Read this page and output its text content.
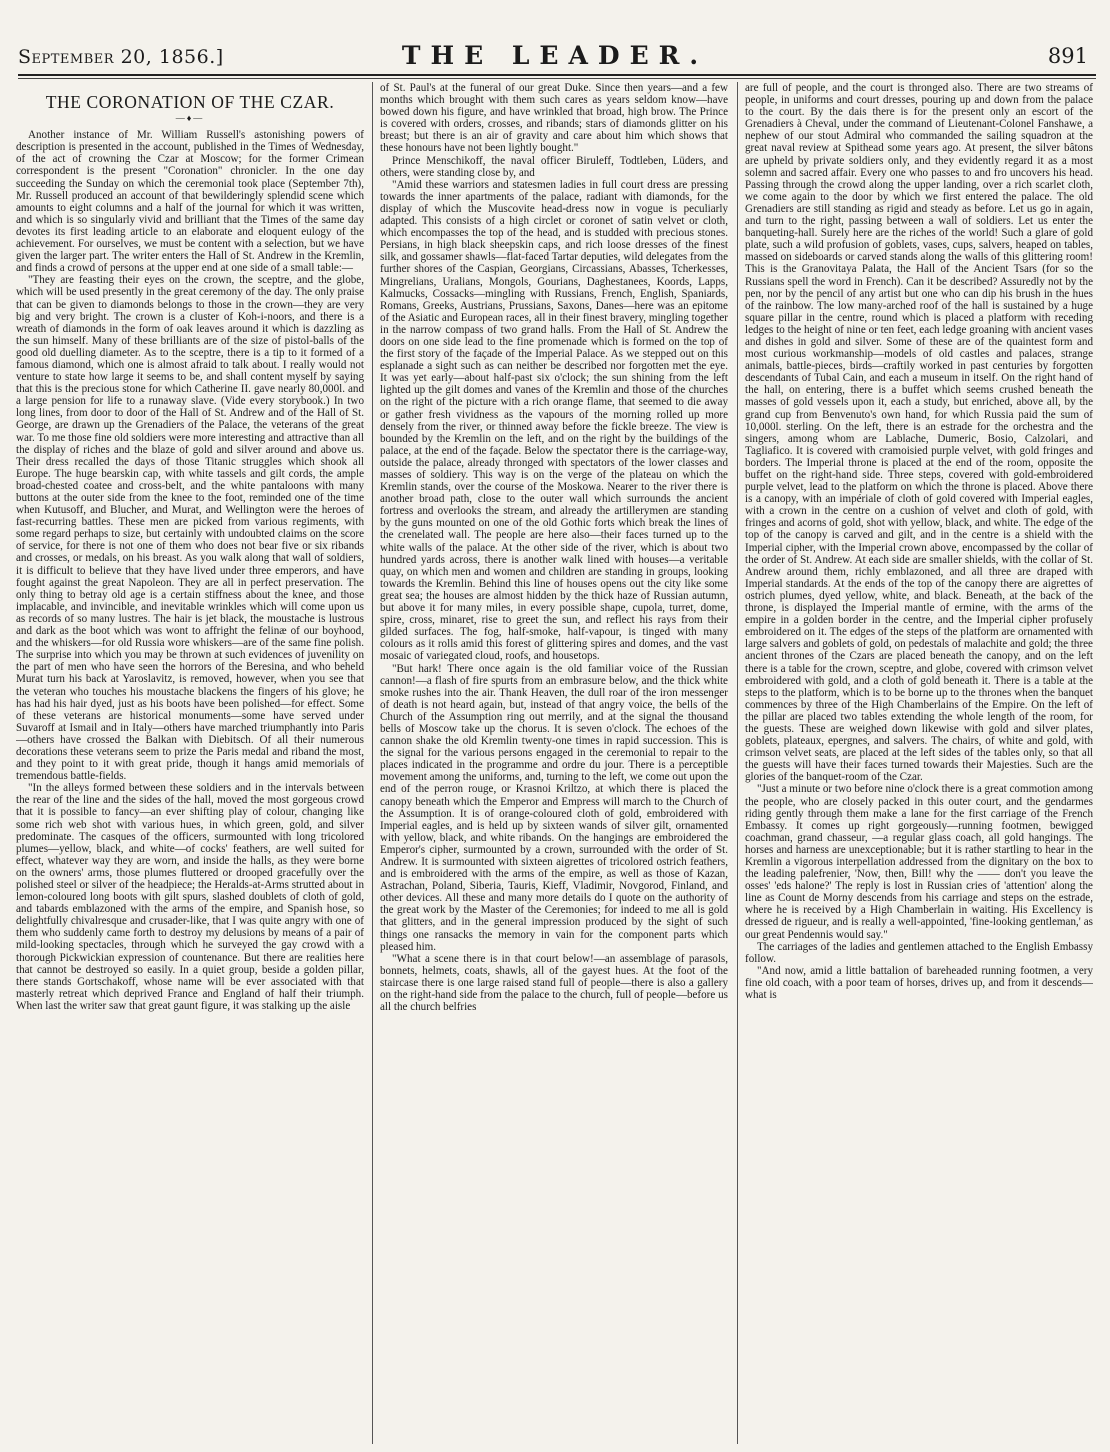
September 20, 1856.]	THE LEADER.	891
THE CORONATION OF THE CZAR.
—♦—

Another instance of Mr. William Russell's astonishing powers of description is presented in the account, published in the Times of Wednesday, of the act of crowning the Czar at Moscow; for the former Crimean correspondent is the present "Coronation" chronicler. In the one day succeeding the Sunday on which the ceremonial took place (September 7th), Mr. Russell produced an account of that bewilderingly splendid scene which amounts to eight columns and a half of the journal for which it was written, and which is so singularly vivid and brilliant that the Times of the same day devotes its first leading article to an elaborate and eloquent eulogy of the achievement. For ourselves, we must be content with a selection, but we have given the larger part. The writer enters the Hall of St. Andrew in the Kremlin, and finds a crowd of persons at the upper end at one side of a small table:—

"They are feasting their eyes on the crown, the sceptre, and the globe, which will be used presently in the great ceremony of the day. The only praise that can be given to diamonds belongs to those in the crown—they are very big and very bright. The crown is a cluster of Koh-i-noors, and there is a wreath of diamonds in the form of oak leaves around it which is dazzling as the sun himself. Many of these brilliants are of the size of pistol-balls of the good old duelling diameter. As to the sceptre, there is a tip to it formed of a famous diamond, which one is almost afraid to talk about. I really would not venture to state how large it seems to be, and shall content myself by saying that this is the precious stone for which Catherine II. gave nearly 80,000l. and a large pension for life to a runaway slave. (Vide every storybook.) In two long lines, from door to door of the Hall of St. Andrew and of the Hall of St. George, are drawn up the Grenadiers of the Palace, the veterans of the great war. To me those fine old soldiers were more interesting and attractive than all the display of riches and the blaze of gold and silver around and above us. Their dress recalled the days of those Titanic struggles which shook all Europe. The huge bearskin cap, with white tassels and gilt cords, the ample broad-chested coatee and cross-belt, and the white pantaloons with many buttons at the outer side from the knee to the foot, reminded one of the time when Kutusoff, and Blucher, and Murat, and Wellington were the heroes of fast-recurring battles. These men are picked from various regiments, with some regard perhaps to size, but certainly with undoubted claims on the score of service, for there is not one of them who does not bear five or six ribands and crosses, or medals, on his breast. As you walk along that wall of soldiers, it is difficult to believe that they have lived under three emperors, and have fought against the great Napoleon. They are all in perfect preservation. The only thing to betray old age is a certain stiffness about the knee, and those implacable, and invincible, and inevitable wrinkles which will come upon us as records of so many lustres. The hair is jet black, the moustache is lustrous and dark as the boot which was wont to affright the felinæ of our boyhood, and the whiskers—for old Russia wore whiskers—are of the same fine polish. The surprise into which you may be thrown at such evidences of juvenility on the part of men who have seen the horrors of the Beresina, and who beheld Murat turn his back at Yaroslavitz, is removed, however, when you see that the veteran who touches his moustache blackens the fingers of his glove; he has had his hair dyed, just as his boots have been polished—for effect. Some of these veterans are historical monuments—some have served under Suvaroff at Ismail and in Italy—others have marched triumphantly into Paris—others have crossed the Balkan with Diebitsch. Of all their numerous decorations these veterans seem to prize the Paris medal and riband the most, and they point to it with great pride, though it hangs amid memorials of tremendous battle-fields.

"In the alleys formed between these soldiers and in the intervals between the rear of the line and the sides of the hall, moved the most gorgeous crowd that it is possible to fancy—an ever shifting play of colour, changing like some rich web shot with various hues, in which green, gold, and silver predominate. The casques of the officers, surmounted with long tricolored plumes—yellow, black, and white—of cocks' feathers, are well suited for effect, whatever way they are worn, and inside the halls, as they were borne on the owners' arms, those plumes fluttered or drooped gracefully over the polished steel or silver of the headpiece; the Heralds-at-Arms strutted about in lemon-coloured long boots with gilt spurs, slashed doublets of cloth of gold, and tabards emblazoned with the arms of the empire, and Spanish hose, so delightfully chivalresque and crusader-like, that I was quite angry with one of them who suddenly came forth to destroy my delusions by means of a pair of mild-looking spectacles, through which he surveyed the gay crowd with a thorough Pickwickian expression of countenance. But there are realities here that cannot be destroyed so easily. In a quiet group, beside a golden pillar, there stands Gortschakoff, whose name will be ever associated with that masterly retreat which deprived France and England of half their triumph. When last the writer saw that great gaunt figure, it was stalking up the aisle

of St. Paul's at the funeral of our great Duke. Since then years—and a few months which brought with them such cares as years seldom know—have bowed down his figure, and have wrinkled that broad, high brow. The Prince is covered with orders, crosses, and ribands; stars of diamonds glitter on his breast; but there is an air of gravity and care about him which shows that these honours have not been lightly bought."

Prince Menschikoff, the naval officer Biruleff, Todtleben, Lüders, and others, were standing close by, and

"Amid these warriors and statesmen ladies in full court dress are pressing towards the inner apartments of the palace, radiant with diamonds, for the display of which the Muscovite head-dress now in vogue is peculiarly adapted. This consists of a high circlet or coronet of satin velvet or cloth, which encompasses the top of the head, and is studded with precious stones. Persians, in high black sheepskin caps, and rich loose dresses of the finest silk, and gossamer shawls—flat-faced Tartar deputies, wild delegates from the further shores of the Caspian, Georgians, Circassians, Abasses, Tcherkesses, Mingrelians, Uralians, Mongols, Gourians, Daghestanees, Koords, Lapps, Kalmucks, Cossacks—mingling with Russians, French, English, Spaniards, Romans, Greeks, Austrians, Prussians, Saxons, Danes—here was an epitome of the Asiatic and European races, all in their finest bravery, mingling together in the narrow compass of two grand halls. From the Hall of St. Andrew the doors on one side lead to the fine promenade which is formed on the top of the first story of the façade of the Imperial Palace. As we stepped out on this esplanade a sight such as can neither be described nor forgotten met the eye. It was yet early—about half-past six o'clock; the sun shining from the left lighted up the gilt domes and vanes of the Kremlin and those of the churches on the right of the picture with a rich orange flame, that seemed to die away or gather fresh vividness as the vapours of the morning rolled up more densely from the river, or thinned away before the fickle breeze. The view is bounded by the Kremlin on the left, and on the right by the buildings of the palace, at the end of the façade. Below the spectator there is the carriage-way, outside the palace, already thronged with spectators of the lower classes and masses of soldiery. This way is on the verge of the plateau on which the Kremlin stands, over the course of the Moskowa. Nearer to the river there is another broad path, close to the outer wall which surrounds the ancient fortress and overlooks the stream, and already the artillerymen are standing by the guns mounted on one of the old Gothic forts which break the lines of the crenelated wall. The people are here also—their faces turned up to the white walls of the palace. At the other side of the river, which is about two hundred yards across, there is another walk lined with houses—a veritable quay, on which men and women and children are standing in groups, looking towards the Kremlin. Behind this line of houses opens out the city like some great sea; the houses are almost hidden by the thick haze of Russian autumn, but above it for many miles, in every possible shape, cupola, turret, dome, spire, cross, minaret, rise to greet the sun, and reflect his rays from their gilded surfaces. The fog, half-smoke, half-vapour, is tinged with many colours as it rolls amid this forest of glittering spires and domes, and the vast mosaic of variegated cloud, roofs, and housetops.

"But hark! There once again is the old familiar voice of the Russian cannon!—a flash of fire spurts from an embrasure below, and the thick white smoke rushes into the air. Thank Heaven, the dull roar of the iron messenger of death is not heard again, but, instead of that angry voice, the bells of the Church of the Assumption ring out merrily, and at the signal the thousand bells of Moscow take up the chorus. It is seven o'clock. The echoes of the cannon shake the old Kremlin twenty-one times in rapid succession. This is the signal for the various persons engaged in the ceremonial to repair to the places indicated in the programme and ordre du jour. There is a perceptible movement among the uniforms, and, turning to the left, we come out upon the end of the perron rouge, or Krasnoi Kriltzo, at which there is placed the canopy beneath which the Emperor and Empress will march to the Church of the Assumption. It is of orange-coloured cloth of gold, embroidered with Imperial eagles, and is held up by sixteen wands of silver gilt, ornamented with yellow, black, and white ribands. On the hangings are embroidered the Emperor's cipher, surmounted by a crown, surrounded with the order of St. Andrew. It is surmounted with sixteen aigrettes of tricolored ostrich feathers, and is embroidered with the arms of the empire, as well as those of Kazan, Astrachan, Poland, Siberia, Tauris, Kieff, Vladimir, Novgorod, Finland, and other devices. All these and many more details do I quote on the authority of the great work by the Master of the Ceremonies; for indeed to me all is gold that glitters, and in the general impression produced by the sight of such things one ransacks the memory in vain for the component parts which pleased him.

"What a scene there is in that court below!—an assemblage of parasols, bonnets, helmets, coats, shawls, all of the gayest hues. At the foot of the staircase there is one large raised stand full of people—there is also a gallery on the right-hand side from the palace to the church, full of people—before us all the church belfries

are full of people, and the court is thronged also. There are two streams of people, in uniforms and court dresses, pouring up and down from the palace to the court. By the dais there is for the present only an escort of the Grenadiers à Cheval, under the command of Lieutenant-Colonel Fanshawe, a nephew of our stout Admiral who commanded the sailing squadron at the great naval review at Spithead some years ago. At present, the silver bâtons are upheld by private soldiers only, and they evidently regard it as a most solemn and sacred affair. Every one who passes to and fro uncovers his head. Passing through the crowd along the upper landing, over a rich scarlet cloth, we come again to the door by which we first entered the palace. The old Grenadiers are still standing as rigid and steady as before. Let us go in again, and turn to the right, passing between a wall of soldiers. Let us enter the banqueting-hall. Surely here are the riches of the world! Such a glare of gold plate, such a wild profusion of goblets, vases, cups, salvers, heaped on tables, massed on sideboards or carved stands along the walls of this glittering room! This is the Granovitaya Palata, the Hall of the Ancient Tsars (for so the Russians spell the word in French). Can it be described? Assuredly not by the pen, nor by the pencil of any artist but one who can dip his brush in the hues of the rainbow. The low many-arched roof of the hall is sustained by a huge square pillar in the centre, round which is placed a platform with receding ledges to the height of nine or ten feet, each ledge groaning with ancient vases and dishes in gold and silver. Some of these are of the quaintest form and most curious workmanship—models of old castles and palaces, strange animals, battle-pieces, birds—craftily worked in past centuries by forgotten descendants of Tubal Cain, and each a museum in itself. On the right hand of the hall, on entering, there is a buffet which seems crushed beneath the masses of gold vessels upon it, each a study, but enriched, above all, by the grand cup from Benvenuto's own hand, for which Russia paid the sum of 10,000l. sterling. On the left, there is an estrade for the orchestra and the singers, among whom are Lablache, Dumeric, Bosio, Calzolari, and Tagliafico. It is covered with cramoisied purple velvet, with gold fringes and borders. The Imperial throne is placed at the end of the room, opposite the buffet on the right-hand side. Three steps, covered with gold-embroidered purple velvet, lead to the platform on which the throne is placed. Above there is a canopy, with an impériale of cloth of gold covered with Imperial eagles, with a crown in the centre on a cushion of velvet and cloth of gold, with fringes and acorns of gold, shot with yellow, black, and white. The edge of the top of the canopy is carved and gilt, and in the centre is a shield with the Imperial cipher, with the Imperial crown above, encompassed by the collar of the order of St. Andrew. At each side are smaller shields, with the collar of St. Andrew around them, richly emblazoned, and all three are draped with Imperial standards. At the ends of the top of the canopy there are aigrettes of ostrich plumes, dyed yellow, white, and black. Beneath, at the back of the throne, is displayed the Imperial mantle of ermine, with the arms of the empire in a golden border in the centre, and the Imperial cipher profusely embroidered on it. The edges of the steps of the platform are ornamented with large salvers and goblets of gold, on pedestals of malachite and gold; the three ancient thrones of the Czars are placed beneath the canopy, and on the left there is a table for the crown, sceptre, and globe, covered with crimson velvet embroidered with gold, and a cloth of gold beneath it. There is a table at the steps to the platform, which is to be borne up to the thrones when the banquet commences by three of the High Chamberlains of the Empire. On the left of the pillar are placed two tables extending the whole length of the room, for the guests. These are weighed down likewise with gold and silver plates, goblets, plateaux, epergnes, and salvers. The chairs, of white and gold, with crimson velvet seats, are placed at the left sides of the tables only, so that all the guests will have their faces turned towards their Majesties. Such are the glories of the banquet-room of the Czar.

"Just a minute or two before nine o'clock there is a great commotion among the people, who are closely packed in this outer court, and the gendarmes riding gently through them make a lane for the first carriage of the French Embassy. It comes up right gorgeously—running footmen, bewigged coachman, grand chasseur, —a regular glass coach, all gold hangings. The horses and harness are unexceptionable; but it is rather startling to hear in the Kremlin a vigorous interpellation addressed from the dignitary on the box to the leading palefrenier, 'Now, then, Bill! why the —— don't you leave the osses' 'eds halone?' The reply is lost in Russian cries of 'attention' along the line as Count de Morny descends from his carriage and steps on the estrade, where he is received by a High Chamberlain in waiting. His Excellency is dressed de rigueur, and is really a well-appointed, 'fine-looking gentleman,' as our great Pendennis would say."

The carriages of the ladies and gentlemen attached to the English Embassy follow.

"And now, amid a little battalion of bareheaded running footmen, a very fine old coach, with a poor team of horses, drives up, and from it descends—what is
